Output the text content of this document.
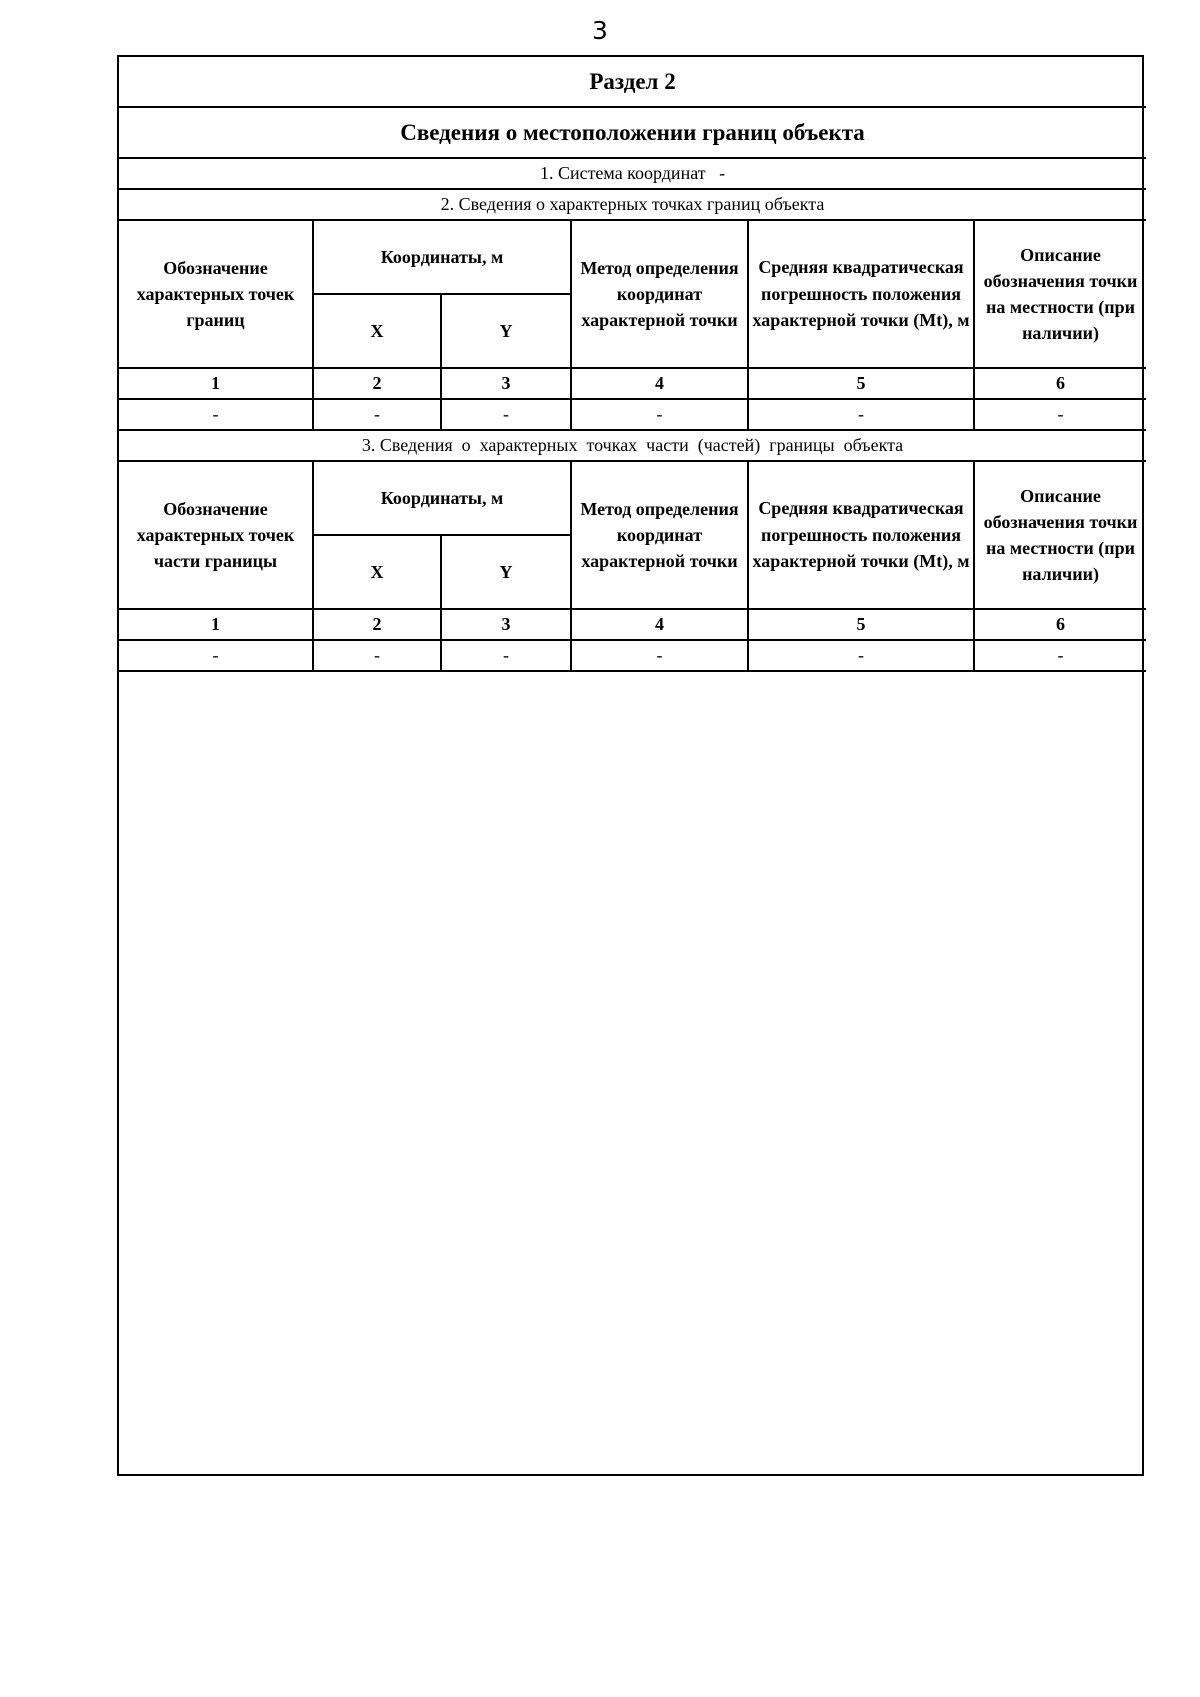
3
Раздел 2					
Сведения о местоположении границ объекта					
1. Система координат   -					
2. Сведения о характерных точках границ объекта					
Обозначение характерных точек границ	Координаты, м		Метод определения координат характерной точки	Средняя квадратическая погрешность положения характерной точки (Mt), м	Описание обозначения точки на местности (при наличии)
	X	Y			
1	2	3	4	5	6
-	-	-	-	-	-
3. Сведения  о  характерных  точках  части  (частей)  границы  объекта					
Обозначение характерных точек части границы	Координаты, м		Метод определения координат характерной точки	Средняя квадратическая погрешность положения характерной точки (Mt), м	Описание обозначения точки на местности (при наличии)
	X	Y			
1	2	3	4	5	6
-	-	-	-	-	-
